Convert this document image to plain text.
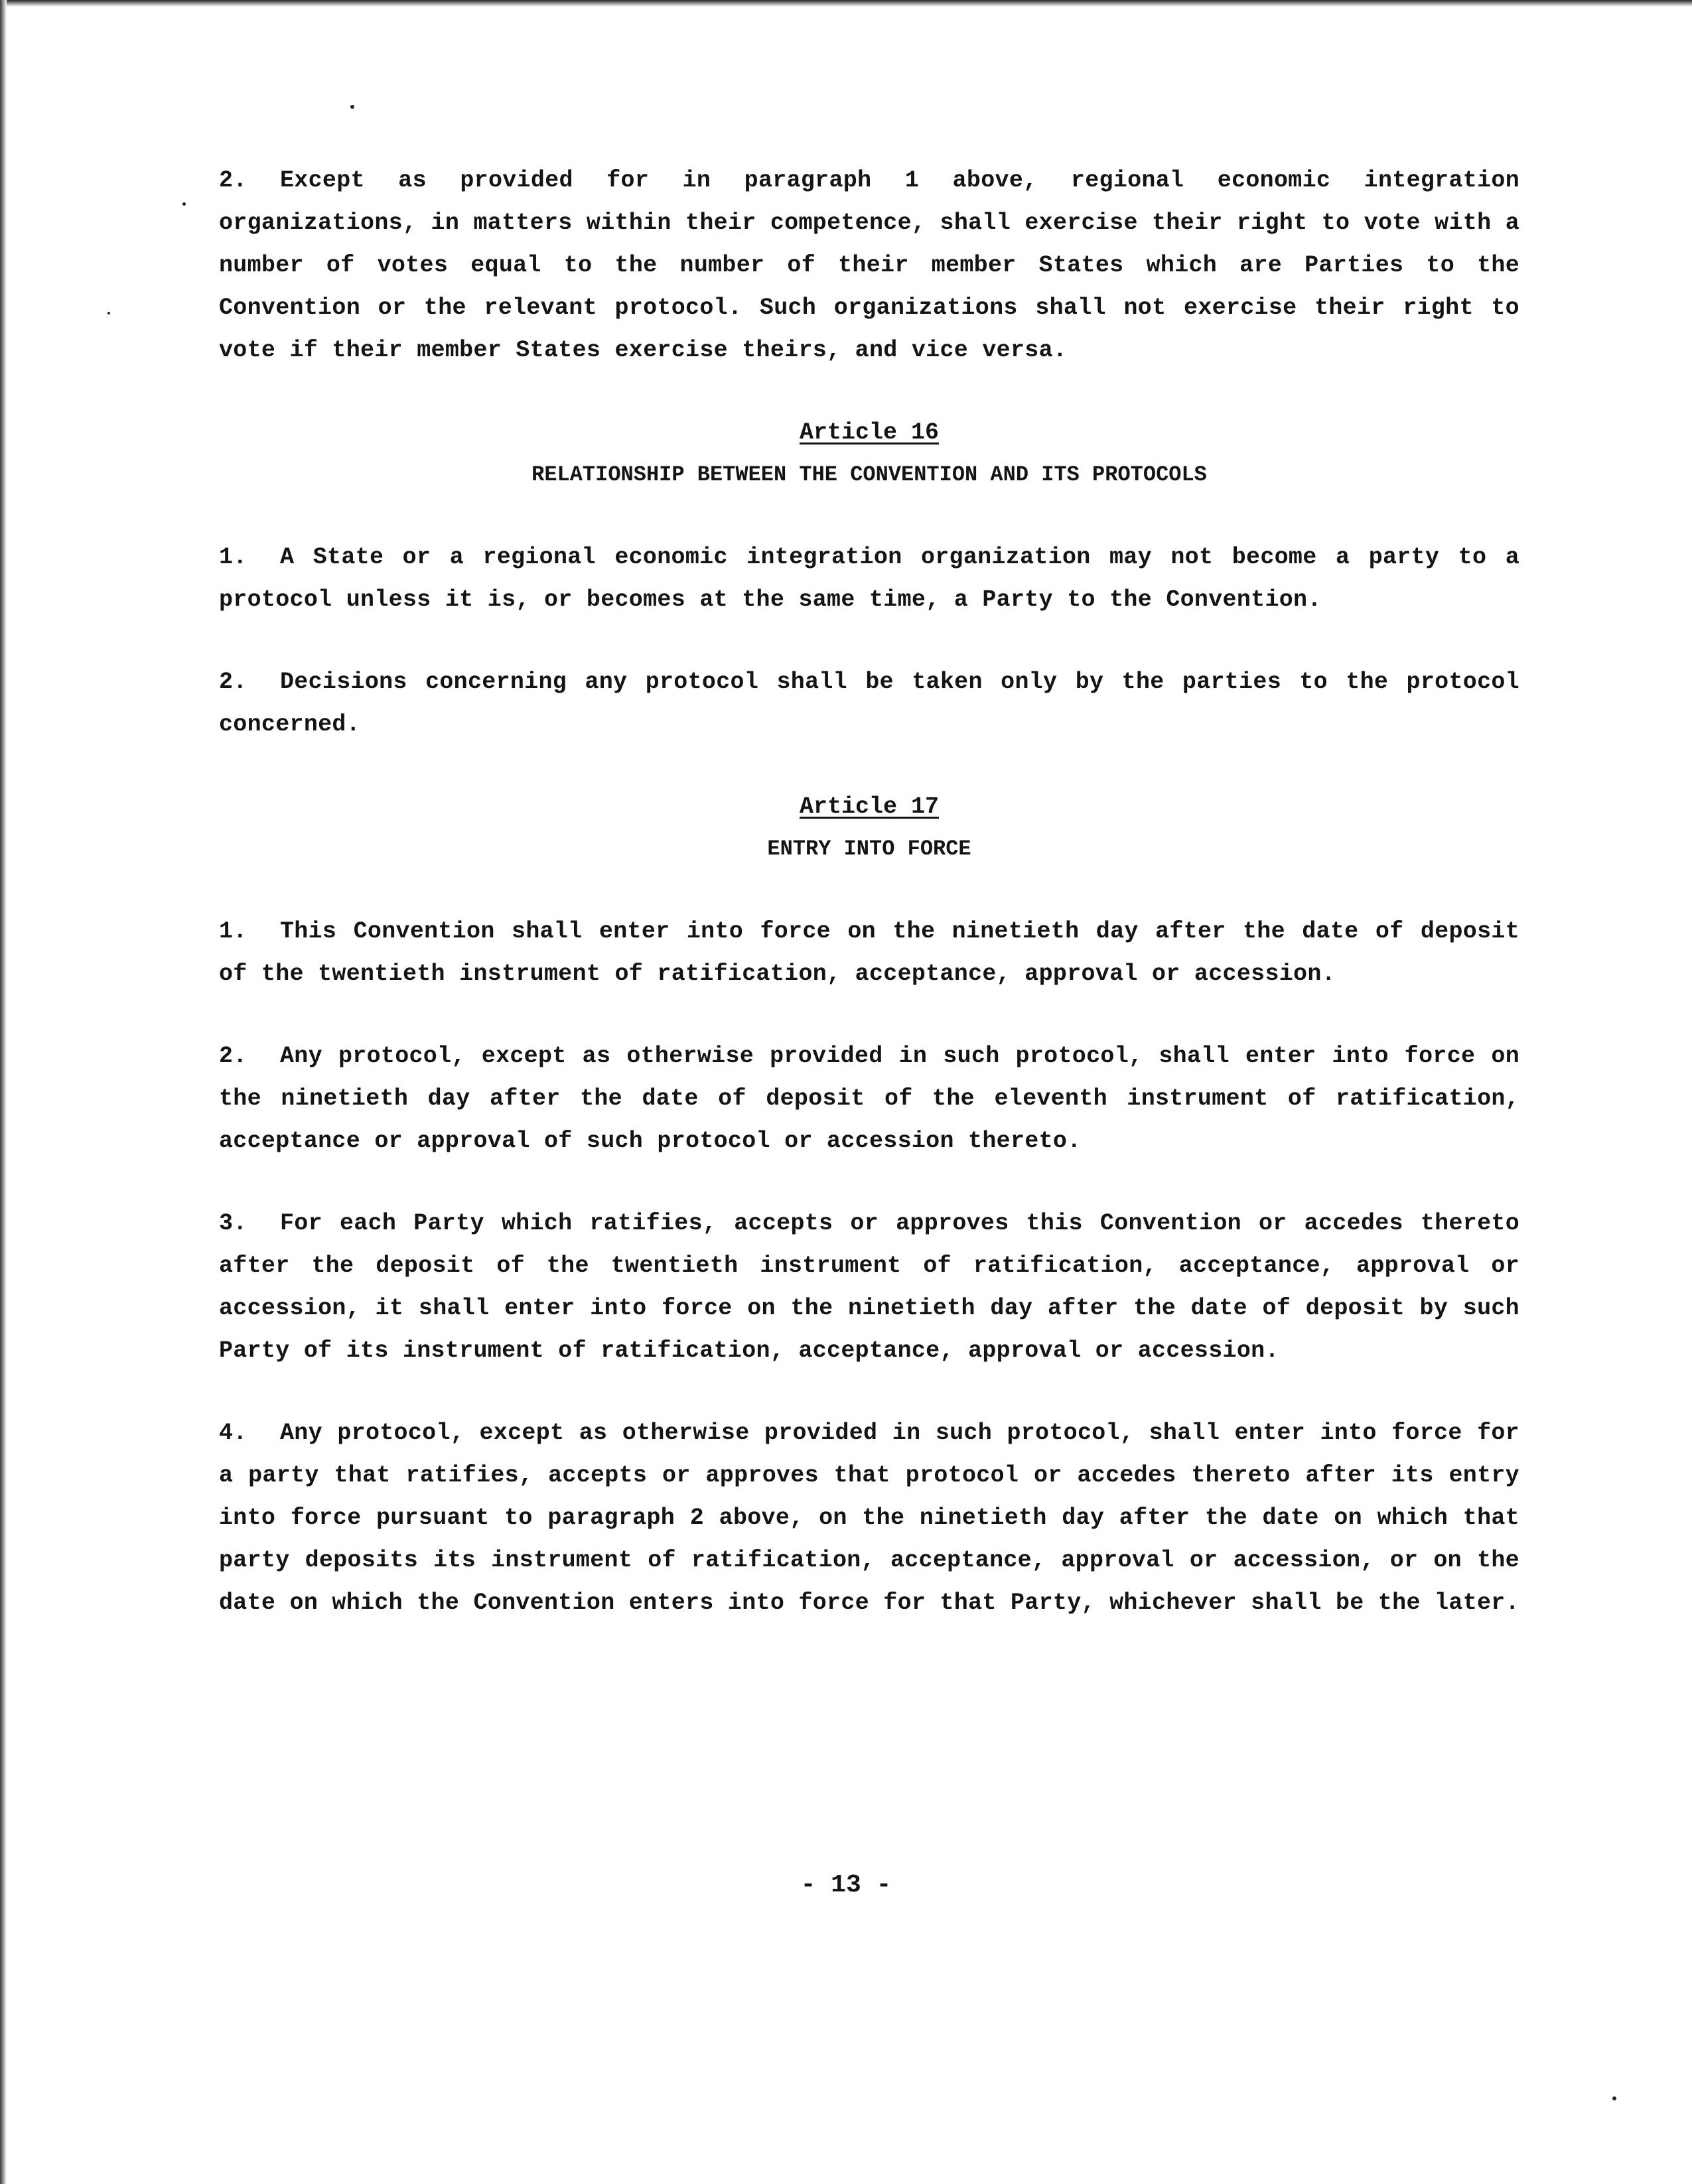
2. Except as provided for in paragraph 1 above, regional economic integration organizations, in matters within their competence, shall exercise their right to vote with a number of votes equal to the number of their member States which are Parties to the Convention or the relevant protocol. Such organizations shall not exercise their right to vote if their member States exercise theirs, and vice versa.

Article 16

RELATIONSHIP BETWEEN THE CONVENTION AND ITS PROTOCOLS

1. A State or a regional economic integration organization may not become a party to a protocol unless it is, or becomes at the same time, a Party to the Convention.

2. Decisions concerning any protocol shall be taken only by the parties to the protocol concerned.

Article 17

ENTRY INTO FORCE

1. This Convention shall enter into force on the ninetieth day after the date of deposit of the twentieth instrument of ratification, acceptance, approval or accession.

2. Any protocol, except as otherwise provided in such protocol, shall enter into force on the ninetieth day after the date of deposit of the eleventh instrument of ratification, acceptance or approval of such protocol or accession thereto.

3. For each Party which ratifies, accepts or approves this Convention or accedes thereto after the deposit of the twentieth instrument of ratification, acceptance, approval or accession, it shall enter into force on the ninetieth day after the date of deposit by such Party of its instrument of ratification, acceptance, approval or accession.

4. Any protocol, except as otherwise provided in such protocol, shall enter into force for a party that ratifies, accepts or approves that protocol or accedes thereto after its entry into force pursuant to paragraph 2 above, on the ninetieth day after the date on which that party deposits its instrument of ratification, acceptance, approval or accession, or on the date on which the Convention enters into force for that Party, whichever shall be the later.

- 13 -
